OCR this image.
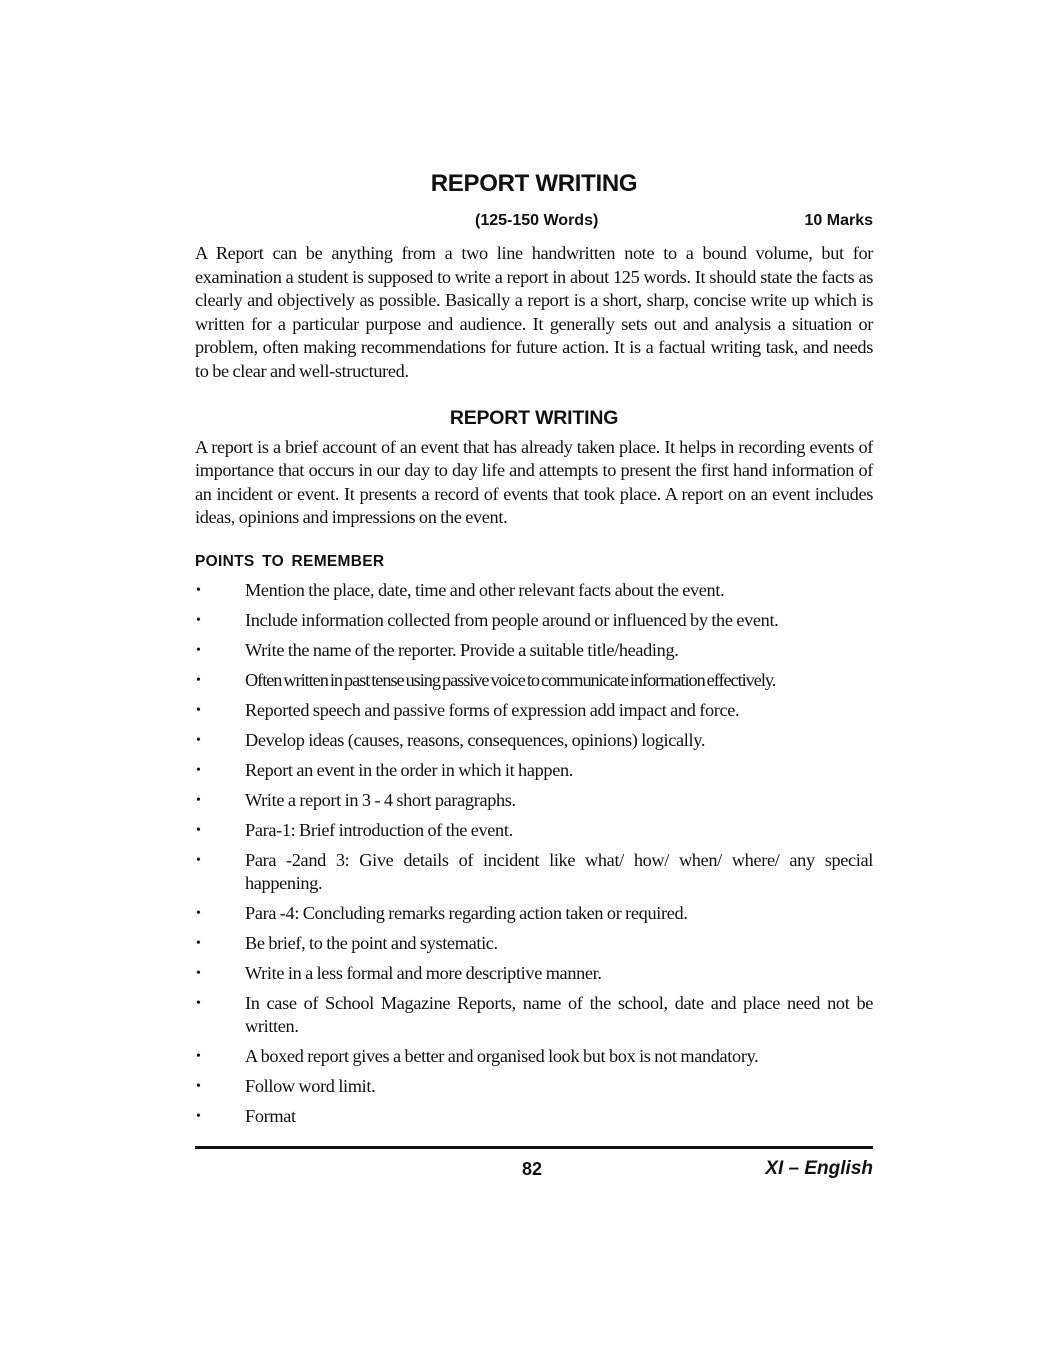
REPORT WRITING
(125-150 Words)	10 Marks

A Report can be anything from a two line handwritten note to a bound volume, but for examination a student is supposed to write a report in about 125 words. It should state the facts as clearly and objectively as possible. Basically a report is a short, sharp, concise write up which is written for a particular purpose and audience. It generally sets out and analysis a situation or problem, often making recommendations for future action. It is a factual writing task, and needs to be clear and well-structured.

REPORT WRITING

A report is a brief account of an event that has already taken place. It helps in recording events of importance that occurs in our day to day life and attempts to present the first hand information of an incident or event. It presents a record of events that took place. A report on an event includes ideas, opinions and impressions on the event.

POINTS TO REMEMBER
• Mention the place, date, time and other relevant facts about the event.
• Include information collected from people around or influenced by the event.
• Write the name of the reporter. Provide a suitable title/heading.
• Often written in past tense using passive voice to communicate information effectively.
• Reported speech and passive forms of expression add impact and force.
• Develop ideas (causes, reasons, consequences, opinions) logically.
• Report an event in the order in which it happen.
• Write a report in 3 - 4 short paragraphs.
• Para-1: Brief introduction of the event.
• Para -2and 3: Give details of incident like what/ how/ when/ where/ any special happening.
• Para -4: Concluding remarks regarding action taken or required.
• Be brief, to the point and systematic.
• Write in a less formal and more descriptive manner.
• In case of School Magazine Reports, name of the school, date and place need not be written.
• A boxed report gives a better and organised look but box is not mandatory.
• Follow word limit.
• Format
82	XI – English
